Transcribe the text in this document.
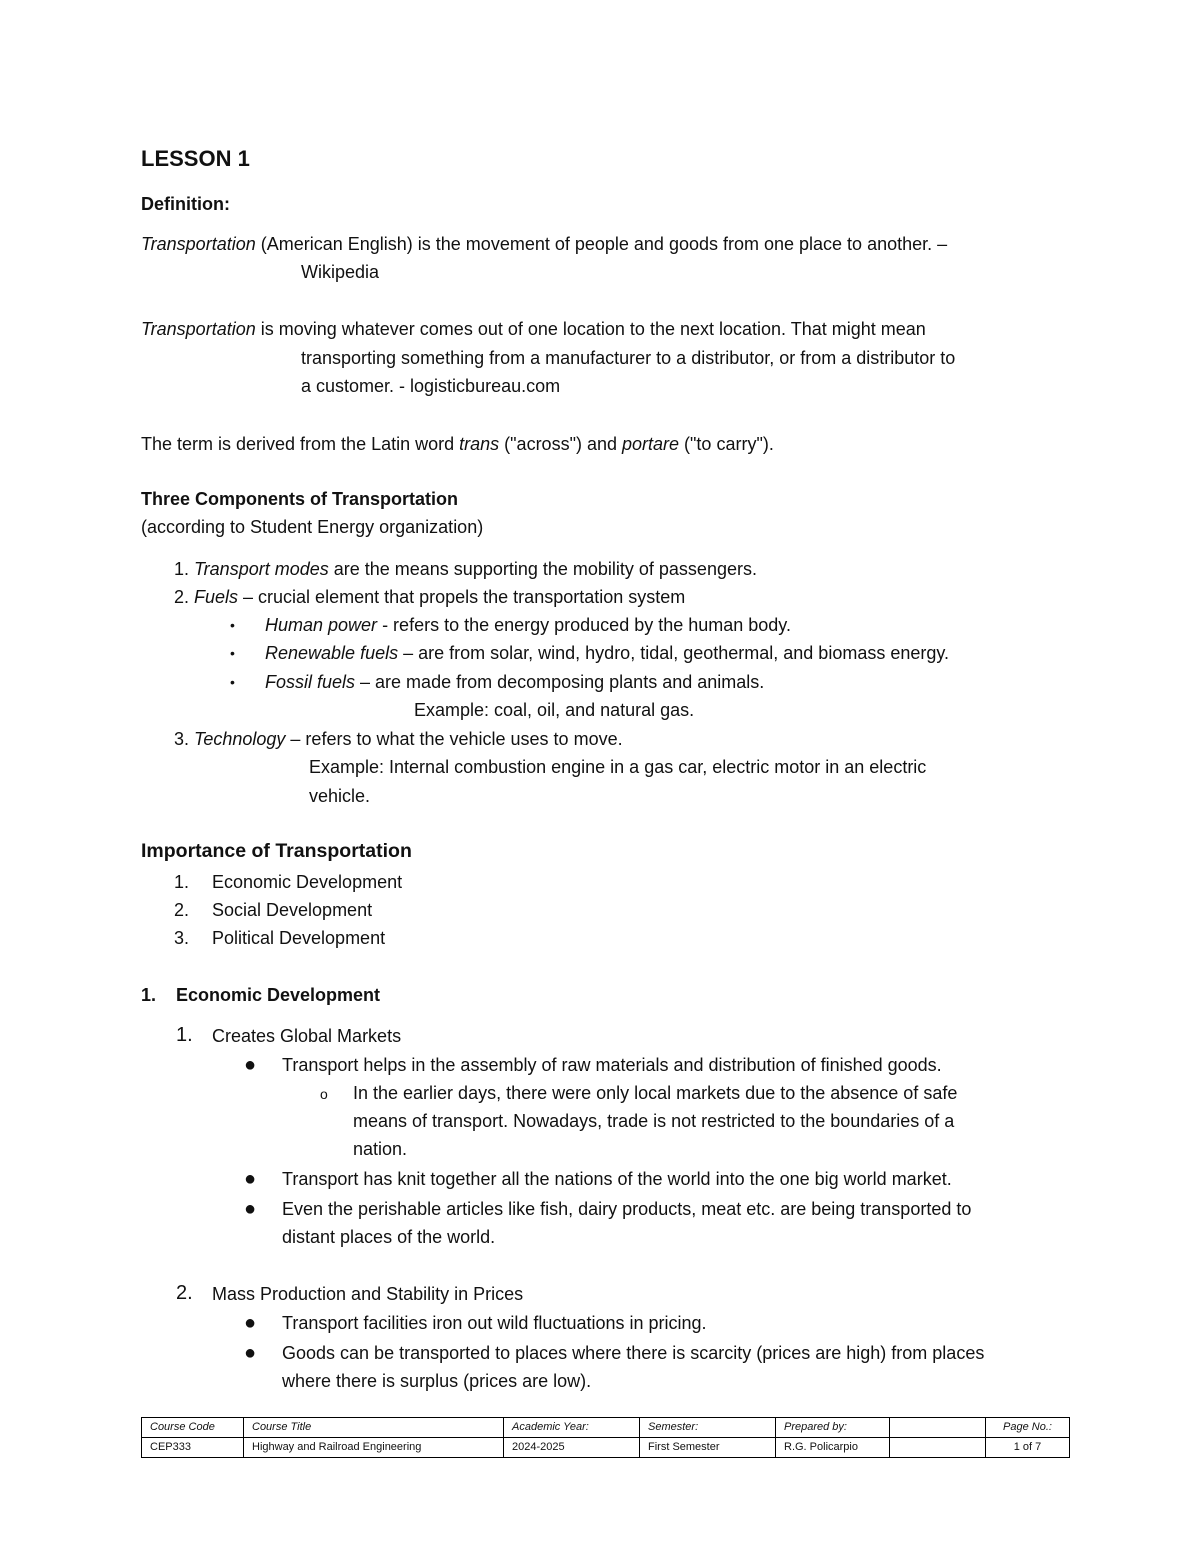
LESSON 1
Definition:
Transportation (American English) is the movement of people and goods from one place to another. –
Wikipedia
Transportation is moving whatever comes out of one location to the next location. That might mean
transporting something from a manufacturer to a distributor, or from a distributor to
a customer. - logisticbureau.com
The term is derived from the Latin word trans ("across") and portare ("to carry").
Three Components of Transportation
(according to Student Energy organization)
1. Transport modes are the means supporting the mobility of passengers.
2. Fuels – crucial element that propels the transportation system
• Human power - refers to the energy produced by the human body.
• Renewable fuels – are from solar, wind, hydro, tidal, geothermal, and biomass energy.
• Fossil fuels – are made from decomposing plants and animals.
Example: coal, oil, and natural gas.
3. Technology – refers to what the vehicle uses to move.
Example: Internal combustion engine in a gas car, electric motor in an electric
vehicle.
Importance of Transportation
1. Economic Development
2. Social Development
3. Political Development
1. Economic Development
1. Creates Global Markets
● Transport helps in the assembly of raw materials and distribution of finished goods.
o In the earlier days, there were only local markets due to the absence of safe
means of transport. Nowadays, trade is not restricted to the boundaries of a
nation.
● Transport has knit together all the nations of the world into the one big world market.
● Even the perishable articles like fish, dairy products, meat etc. are being transported to
distant places of the world.
2. Mass Production and Stability in Prices
● Transport facilities iron out wild fluctuations in pricing.
● Goods can be transported to places where there is scarcity (prices are high) from places
where there is surplus (prices are low).
Course Code	Course Title	Academic Year:	Semester:	Prepared by:		Page No.:
CEP333	Highway and Railroad Engineering	2024-2025	First Semester	R.G. Policarpio		1 of 7
